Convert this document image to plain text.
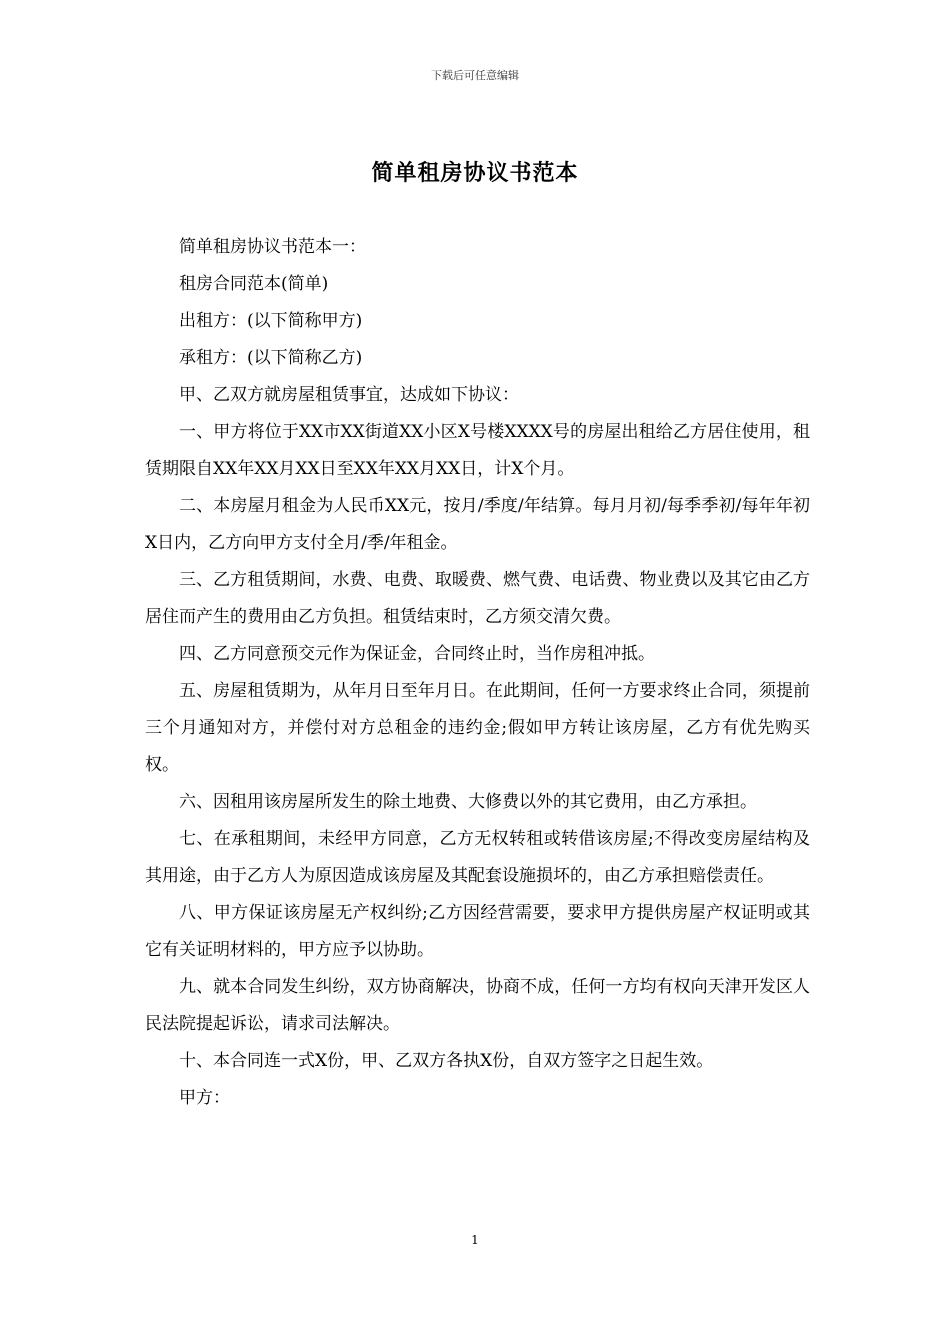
下载后可任意编辑
简单租房协议书范本

简单租房协议书范本一：

租房合同范本(简单)

出租方：(以下简称甲方)

承租方：(以下简称乙方)

甲、乙双方就房屋租赁事宜，达成如下协议：

一、甲方将位于XX市XX街道XX小区X号楼XXXX号的房屋出租给乙方居住使用，租赁期限自XX年XX月XX日至XX年XX月XX日，计X个月。

二、本房屋月租金为人民币XX元，按月/季度/年结算。每月月初/每季季初/每年年初X日内，乙方向甲方支付全月/季/年租金。

三、乙方租赁期间，水费、电费、取暖费、燃气费、电话费、物业费以及其它由乙方居住而产生的费用由乙方负担。租赁结束时，乙方须交清欠费。

四、乙方同意预交元作为保证金，合同终止时，当作房租冲抵。

五、房屋租赁期为，从年月日至年月日。在此期间，任何一方要求终止合同，须提前三个月通知对方，并偿付对方总租金的违约金;假如甲方转让该房屋，乙方有优先购买权。

六、因租用该房屋所发生的除土地费、大修费以外的其它费用，由乙方承担。

七、在承租期间，未经甲方同意，乙方无权转租或转借该房屋;不得改变房屋结构及其用途，由于乙方人为原因造成该房屋及其配套设施损坏的，由乙方承担赔偿责任。

八、甲方保证该房屋无产权纠纷;乙方因经营需要，要求甲方提供房屋产权证明或其它有关证明材料的，甲方应予以协助。

九、就本合同发生纠纷，双方协商解决，协商不成，任何一方均有权向天津开发区人民法院提起诉讼，请求司法解决。

十、本合同连一式X份，甲、乙双方各执X份，自双方签字之日起生效。

甲方：

1
